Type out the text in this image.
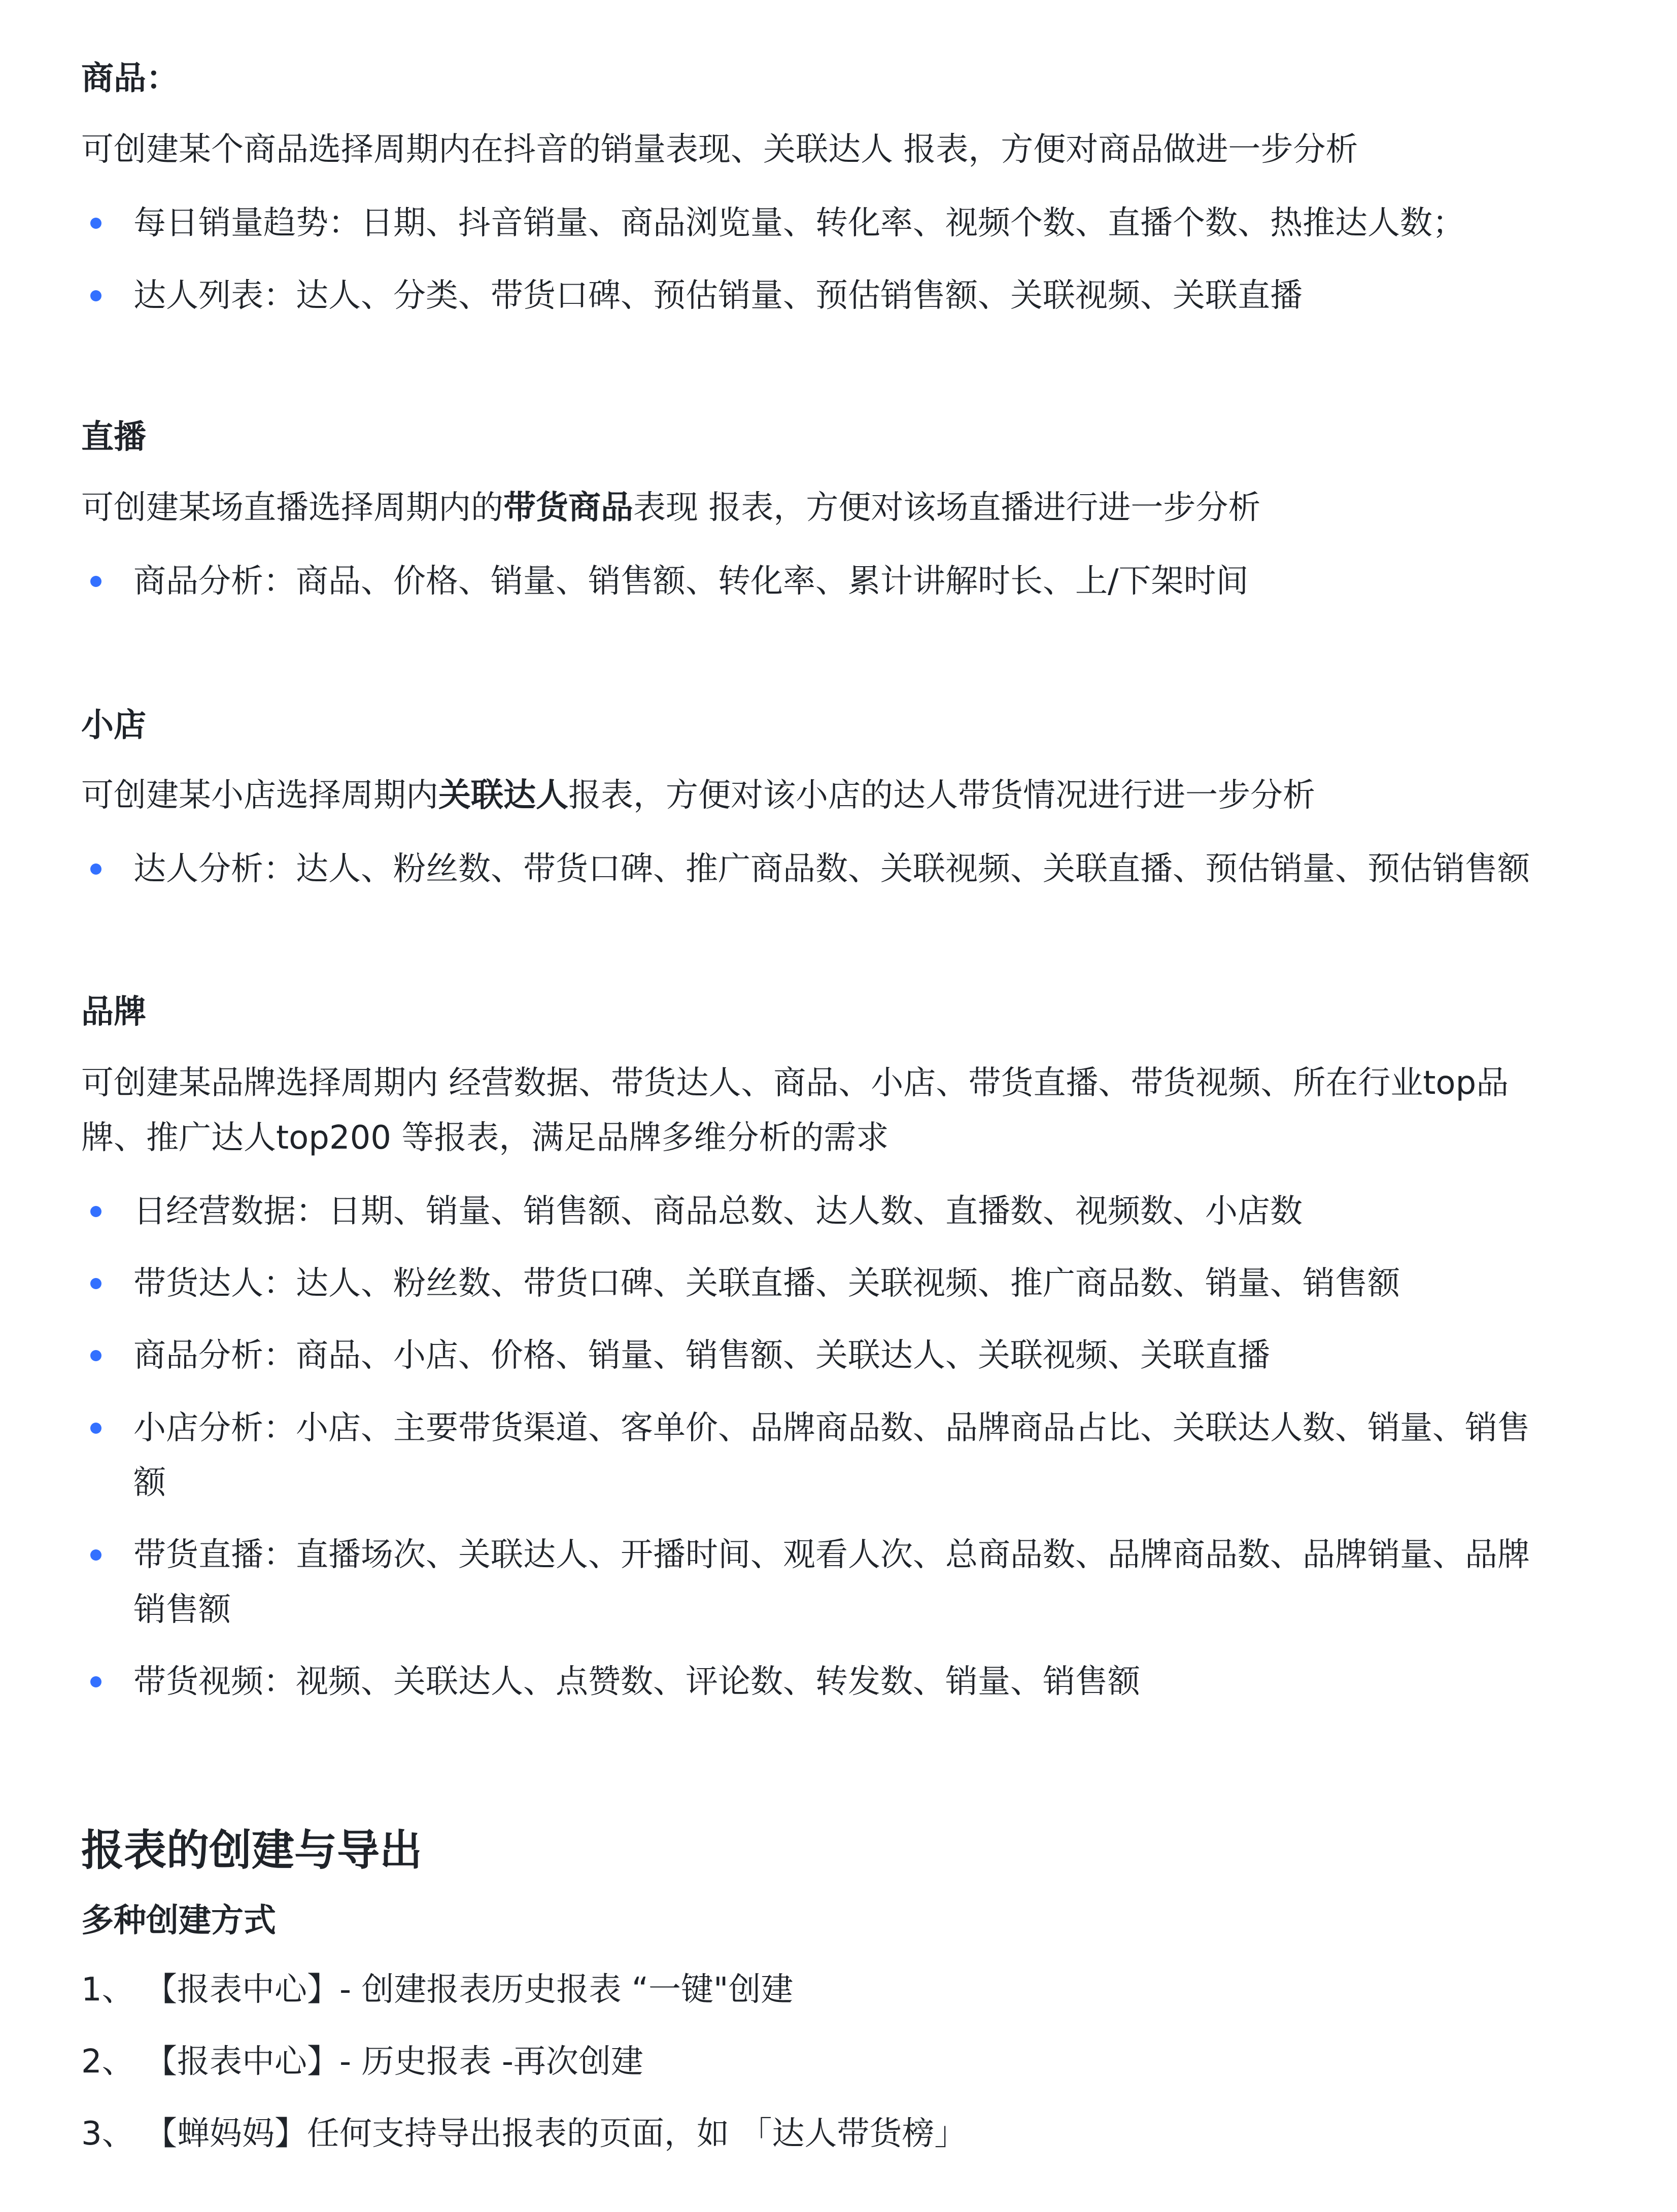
商品：
可创建某个商品选择周期内在抖音的销量表现、关联达人 报表，方便对商品做进一步分析
每日销量趋势：日期、抖音销量、商品浏览量、转化率、视频个数、直播个数、热推达人数；
达人列表：达人、分类、带货口碑、预估销量、预估销售额、关联视频、关联直播
直播
可创建某场直播选择周期内的带货商品表现 报表，方便对该场直播进行进一步分析
商品分析：商品、价格、销量、销售额、转化率、累计讲解时长、上/下架时间
小店
可创建某小店选择周期内关联达人报表，方便对该小店的达人带货情况进行进一步分析
达人分析：达人、粉丝数、带货口碑、推广商品数、关联视频、关联直播、预估销量、预估销售额
品牌
可创建某品牌选择周期内 经营数据、带货达人、商品、小店、带货直播、带货视频、所在行业top品
牌、推广达人top200 等报表，满足品牌多维分析的需求
日经营数据：日期、销量、销售额、商品总数、达人数、直播数、视频数、小店数
带货达人：达人、粉丝数、带货口碑、关联直播、关联视频、推广商品数、销量、销售额
商品分析：商品、小店、价格、销量、销售额、关联达人、关联视频、关联直播
小店分析：小店、主要带货渠道、客单价、品牌商品数、品牌商品占比、关联达人数、销量、销售
额
带货直播：直播场次、关联达人、开播时间、观看人次、总商品数、品牌商品数、品牌销量、品牌
销售额
带货视频：视频、关联达人、点赞数、评论数、转发数、销量、销售额
报表的创建与导出
多种创建方式
1、 【报表中心】- 创建报表历史报表 “一键"创建
2、 【报表中心】- 历史报表 -再次创建
3、 【蝉妈妈】任何支持导出报表的页面，如 「达人带货榜」
